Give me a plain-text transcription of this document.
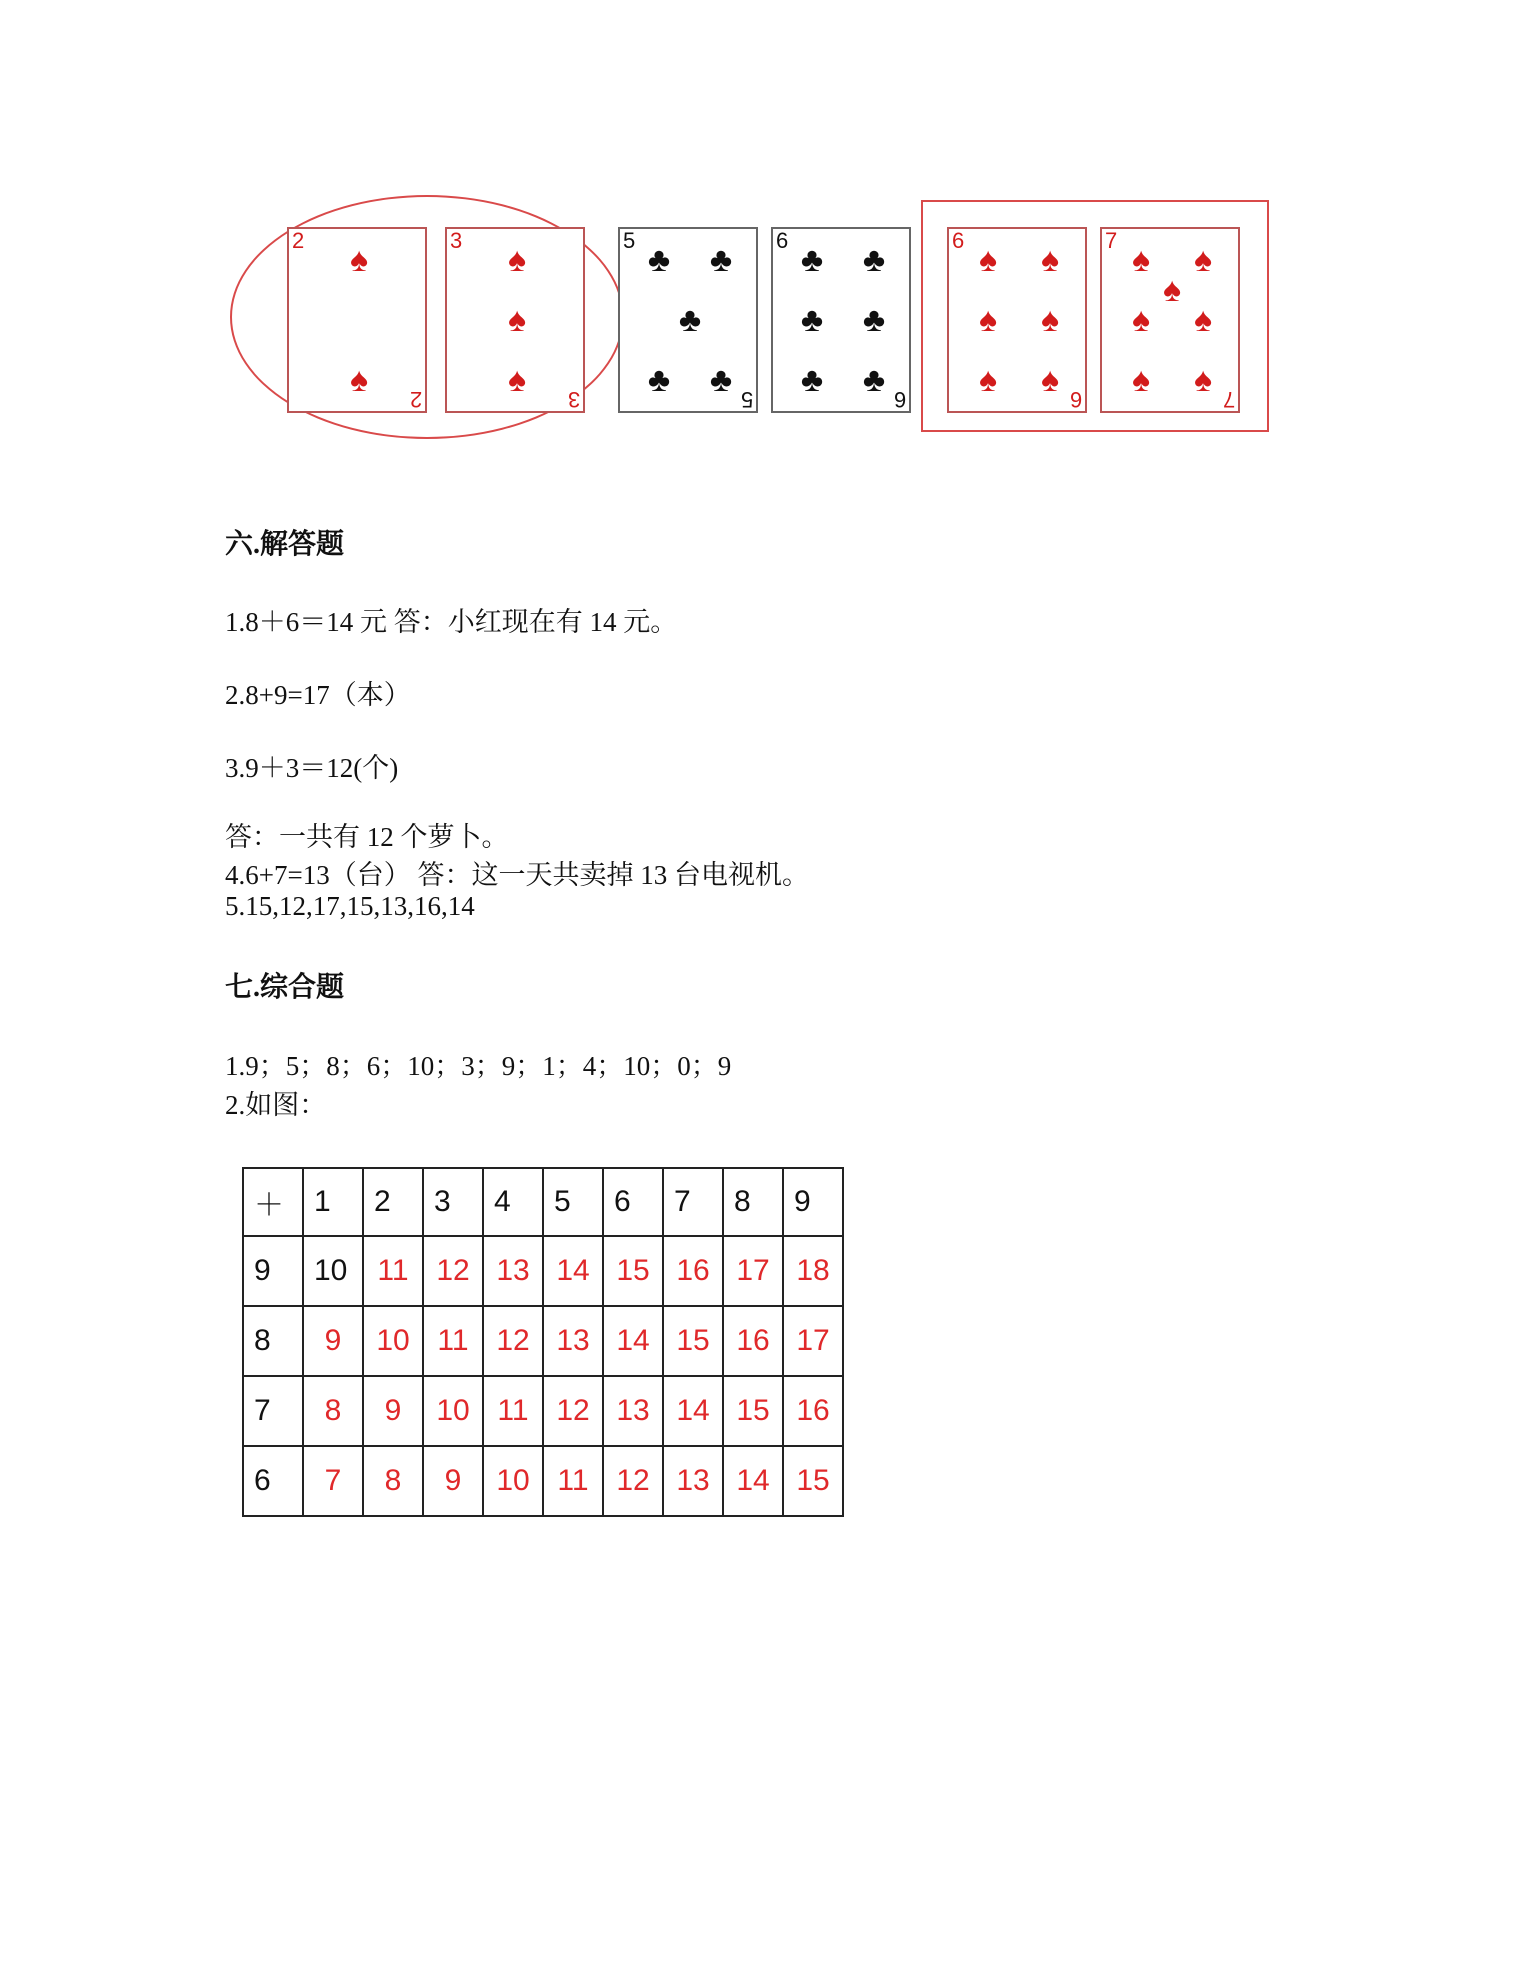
2
♠
♠
2
3
♠
♠
♠
3
5
♣ ♣
♣
♣ ♣
5
6
♣ ♣
♣ ♣
♣ ♣
6
6
♠ ♠
♠ ♠
♠ ♠
6
7
♠ ♠
♠
♠ ♠
♠ ♠
7
六.解答题
1.8＋6＝14 元 答：小红现在有 14 元。
2.8+9=17（本）
3.9＋3＝12(个)
答：一共有 12 个萝卜。
4.6+7=13（台） 答：这一天共卖掉 13 台电视机。
5.15,12,17,15,13,16,14
七.综合题
1.9；5；8；6；10；3；9；1；4；10；0；9
2.如图：
＋	1	2	3	4	5	6	7	8	9
9	10	11	12	13	14	15	16	17	18
8	9	10	11	12	13	14	15	16	17
7	8	9	10	11	12	13	14	15	16
6	7	8	9	10	11	12	13	14	15
